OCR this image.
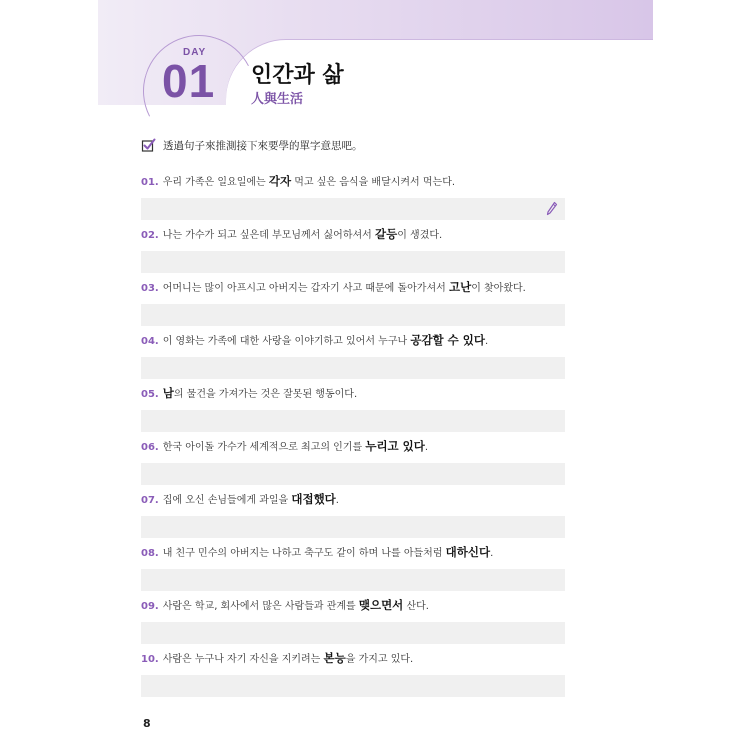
DAY
01 인간과 삶
人與生活
透過句子來推測接下來要學的單字意思吧。
01. 우리 가족은 일요일에는 각자 먹고 싶은 음식을 배달시켜서 먹는다.
02. 나는 가수가 되고 싶은데 부모님께서 싫어하셔서 갈등이 생겼다.
03. 어머니는 많이 아프시고 아버지는 갑자기 사고 때문에 돌아가셔서 고난이 찾아왔다.
04. 이 영화는 가족에 대한 사랑을 이야기하고 있어서 누구나 공감할 수 있다.
05. 남의 물건을 가져가는 것은 잘못된 행동이다.
06. 한국 아이돌 가수가 세계적으로 최고의 인기를 누리고 있다.
07. 집에 오신 손님들에게 과일을 대접했다.
08. 내 친구 민수의 아버지는 나하고 축구도 같이 하며 나를 아들처럼 대하신다.
09. 사람은 학교, 회사에서 많은 사람들과 관계를 맺으면서 산다.
10. 사람은 누구나 자기 자신을 지키려는 본능을 가지고 있다.
8
